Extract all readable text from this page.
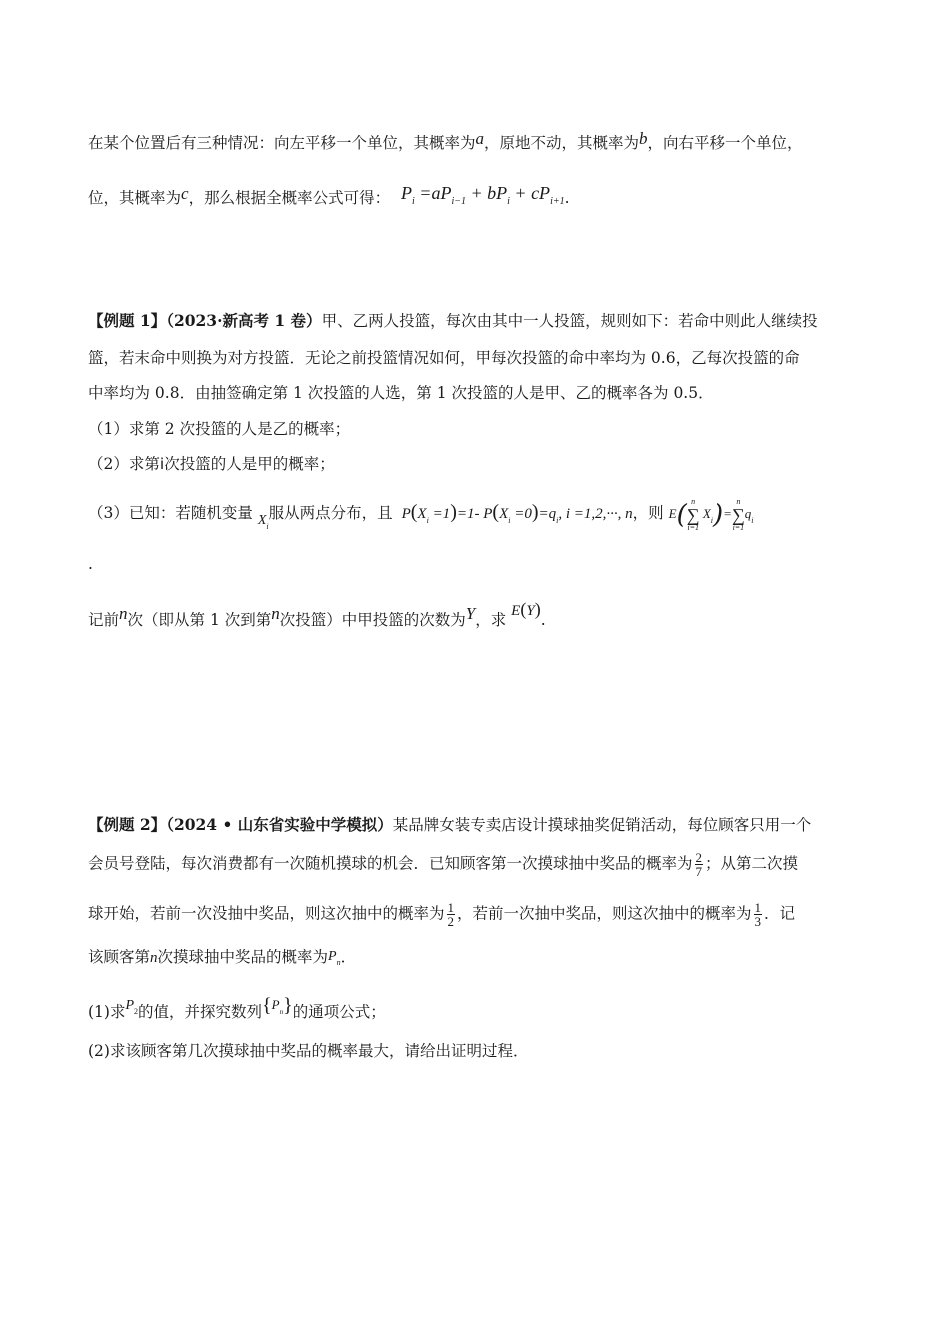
在某个位置后有三种情况：向左平移一个单位，其概率为a，原地不动，其概率为b，向右平移一个单位，
位，其概率为c，那么根据全概率公式可得： $P_i =aP_{i-1} + bP_i + cP_{i+1}$.
【例题 1】（2023·新高考 1 卷）甲、乙两人投篮，每次由其中一人投篮，规则如下：若命中则此人继续投
篮，若末命中则换为对方投篮．无论之前投篮情况如何，甲每次投篮的命中率均为 0.6，乙每次投篮的命
中率均为 0.8．由抽签确定第 1 次投篮的人选，第 1 次投篮的人是甲、乙的概率各为 0.5．
（1）求第 2 次投篮的人是乙的概率；
（2）求第i次投篮的人是甲的概率；
（3）已知：若随机变量 $X_i$服从两点分布，且 $P(X_i =1)=1-$ $P(X_i =0)=q_i$, i =1,2,···, n，则 E( n
∑
i=1
$X_i)=$
n
∑
i=1
$q_i$
.
记前n次（即从第 1 次到第n次投篮）中甲投篮的次数为Y，求 E(Y).
【例题 2】（2024 • 山东省实验中学模拟）某品牌女装专卖店设计摸球抽奖促销活动，每位顾客只用一个
会员号登陆，每次消费都有一次随机摸球的机会．已知顾客第一次摸球抽中奖品的概率为 $\frac{2}{7}$ ；从第二次摸
球开始，若前一次没抽中奖品，则这次抽中的概率为 $\frac{1}{2}$ ，若前一次抽中奖品，则这次抽中的概率为 $\frac{1}{3}$ ．记
该顾客第n次摸球抽中奖品的概率为$P_n$．
(1)求$P_2$的值，并探究数列$\{P_n\}$的通项公式；
(2)求该顾客第几次摸球抽中奖品的概率最大，请给出证明过程．
